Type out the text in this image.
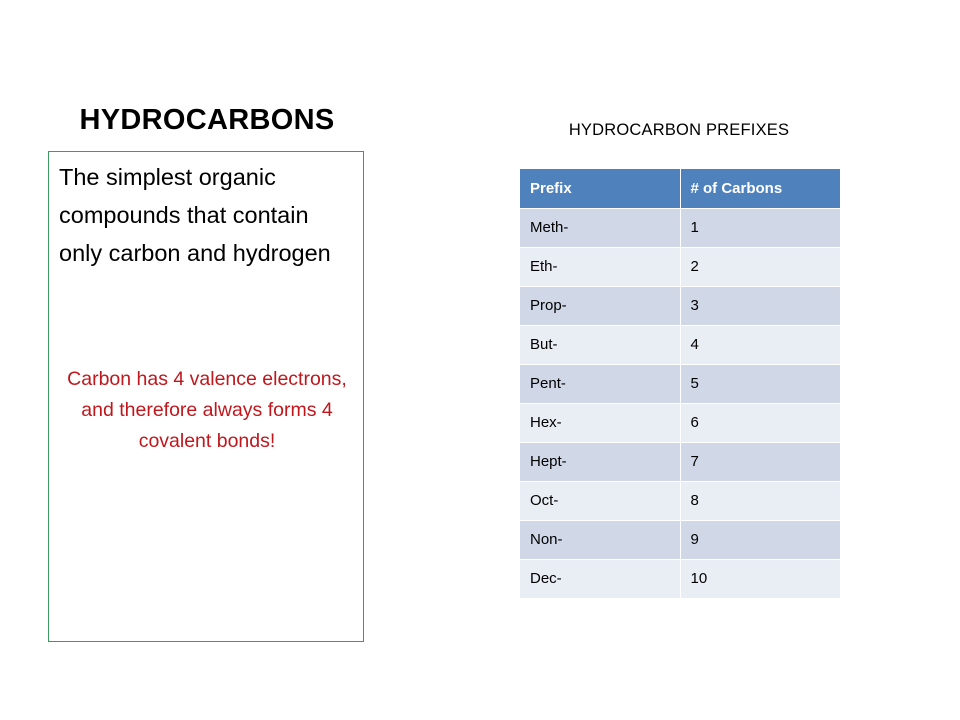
HYDROCARBONS
The simplest organic compounds that contain only carbon and hydrogen
Carbon has 4 valence electrons, and therefore always forms 4 covalent bonds!
HYDROCARBON PREFIXES
Prefix	# of Carbons
Meth-	1
Eth-	2
Prop-	3
But-	4
Pent-	5
Hex-	6
Hept-	7
Oct-	8
Non-	9
Dec-	10
